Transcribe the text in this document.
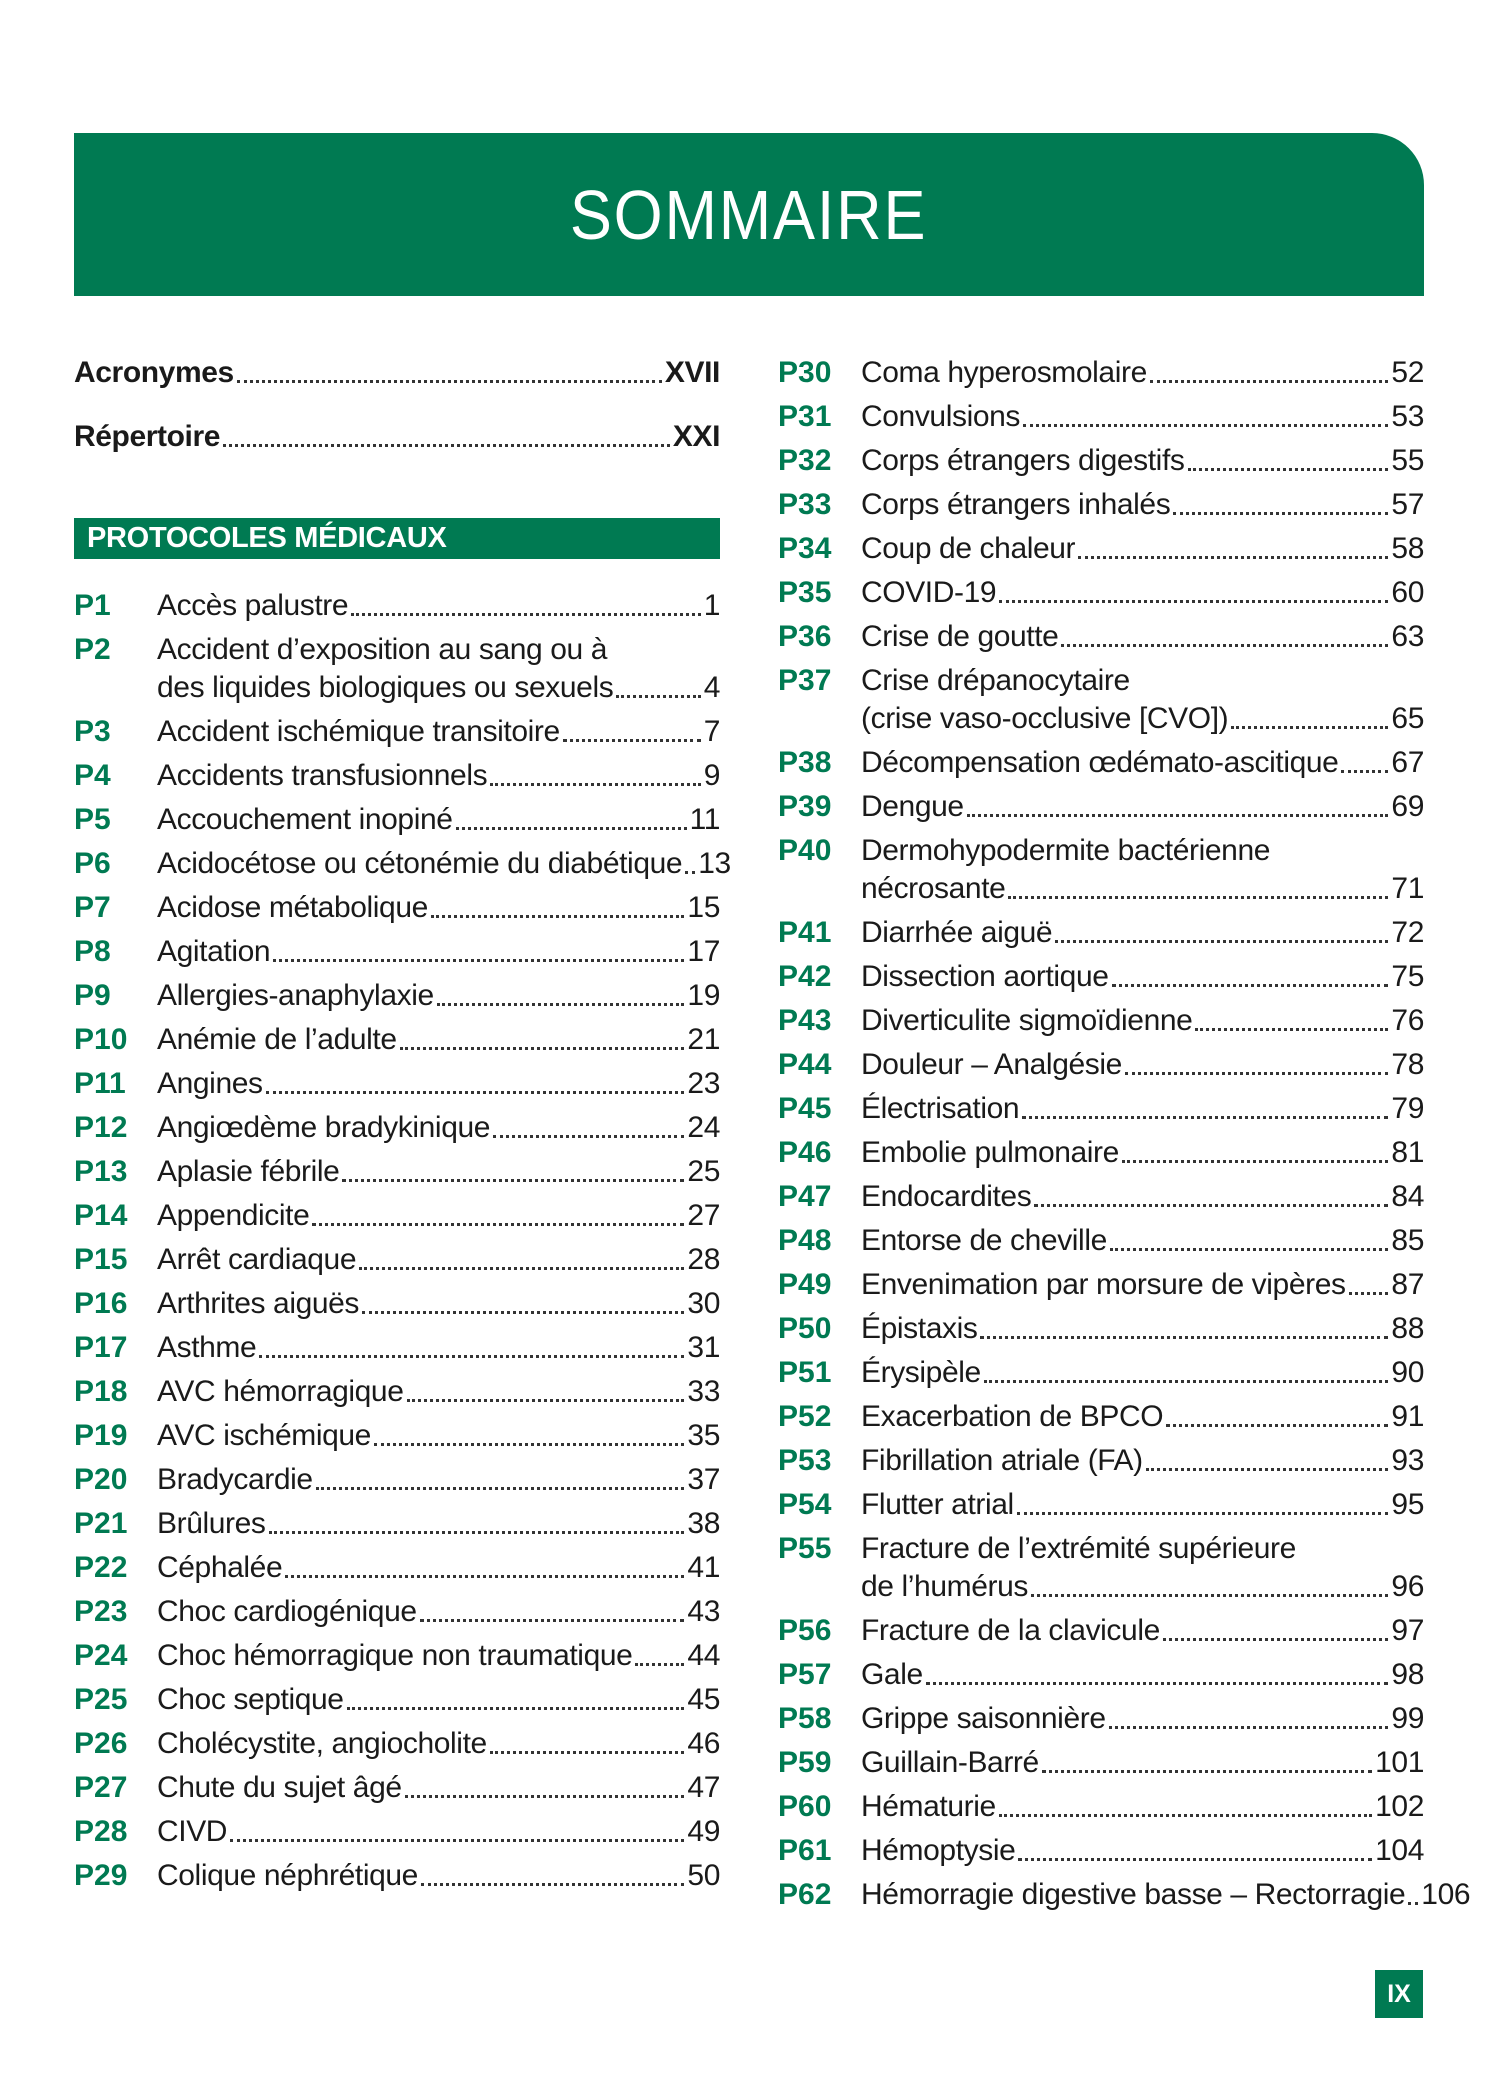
SOMMAIRE
Acronymes	XVII
Répertoire	XXI
PROTOCOLES MÉDICAUX
P1	Accès palustre	1
P2	Accident d’exposition au sang ou à
des liquides biologiques ou sexuels	4
P3	Accident ischémique transitoire	7
P4	Accidents transfusionnels	9
P5	Accouchement inopiné	11
P6	Acidocétose ou cétonémie du diabétique 13
P7	Acidose métabolique	15
P8	Agitation	17
P9	Allergies-anaphylaxie	19
P10 Anémie de l’adulte	21
P11	Angines	23
P12 Angiœdème bradykinique	24
P13 Aplasie fébrile	25
P14 Appendicite	27
P15 Arrêt cardiaque	28
P16 Arthrites aiguës	30
P17 Asthme	31
P18 AVC hémorragique	33
P19 AVC ischémique	35
P20 Bradycardie	37
P21 Brûlures	38
P22 Céphalée	41
P23 Choc cardiogénique	43
P24 Choc hémorragique non traumatique 44
P25 Choc septique	45
P26 Cholécystite, angiocholite	46
P27 Chute du sujet âgé	47
P28 CIVD	49
P29 Colique néphrétique	50
P30 Coma hyperosmolaire	52
P31 Convulsions	53
P32 Corps étrangers digestifs	55
P33 Corps étrangers inhalés	57
P34 Coup de chaleur	58
P35 COVID-19	60
P36 Crise de goutte	63
P37 Crise drépanocytaire
(crise vaso-occlusive [CVO])	65
P38 Décompensation œdémato-ascitique 67
P39 Dengue	69
P40 Dermohypodermite bactérienne
nécrosante	71
P41 Diarrhée aiguë	72
P42 Dissection aortique	75
P43 Diverticulite sigmoïdienne	76
P44 Douleur – Analgésie	78
P45 Électrisation	79
P46 Embolie pulmonaire	81
P47 Endocardites	84
P48 Entorse de cheville	85
P49 Envenimation par morsure de vipères 87
P50 Épistaxis	88
P51 Érysipèle	90
P52 Exacerbation de BPCO	91
P53 Fibrillation atriale (FA)	93
P54 Flutter atrial	95
P55 Fracture de l’extrémité supérieure
de l’humérus	96
P56 Fracture de la clavicule	97
P57 Gale	98
P58 Grippe saisonnière	99
P59 Guillain-Barré	101
P60 Hématurie	102
P61 Hémoptysie	104
P62 Hémorragie digestive basse – Rectorragie 106
IX
